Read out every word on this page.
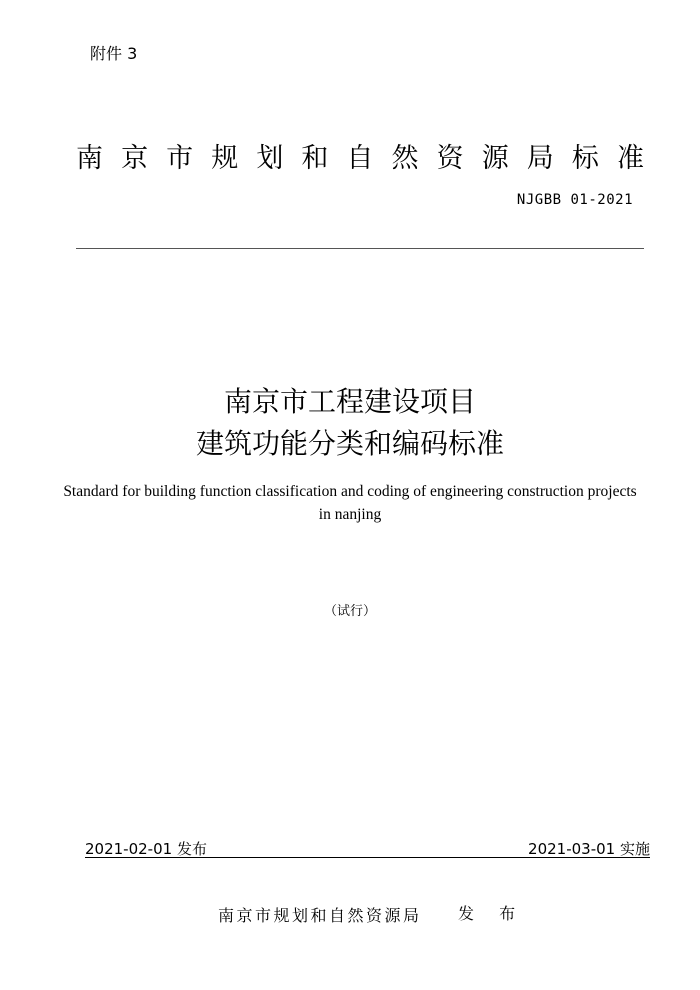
附件 3
南 京 市 规 划 和 自 然 资 源 局 标 准
NJGBB 01-2021
南京市工程建设项目
建筑功能分类和编码标准
Standard for building function classification and coding of engineering construction projects in nanjing
（试行）
2021-02-01 发布	2021-03-01 实施
南京市规划和自然资源局 发 布
